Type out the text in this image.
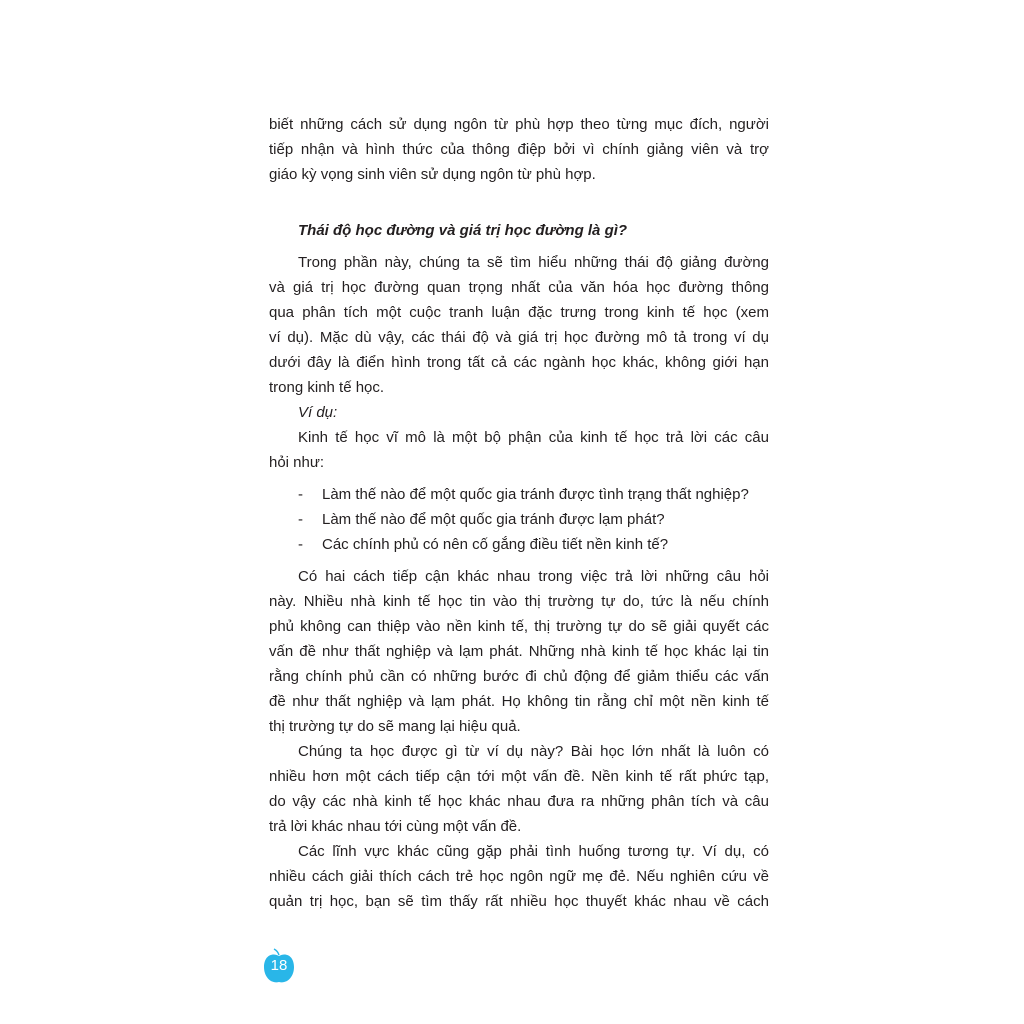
biết những cách sử dụng ngôn từ phù hợp theo từng mục đích, người
tiếp nhận và hình thức của thông điệp bởi vì chính giảng viên và trợ
giáo kỳ vọng sinh viên sử dụng ngôn từ phù hợp.
Thái độ học đường và giá trị học đường là gì?
Trong phần này, chúng ta sẽ tìm hiểu những thái độ giảng đường
và giá trị học đường quan trọng nhất của văn hóa học đường thông
qua phân tích một cuộc tranh luận đặc trưng trong kinh tế học (xem
ví dụ). Mặc dù vậy, các thái độ và giá trị học đường mô tả trong ví dụ
dưới đây là điển hình trong tất cả các ngành học khác, không giới hạn
trong kinh tế học.
Ví dụ:
Kinh tế học vĩ mô là một bộ phận của kinh tế học trả lời các câu
hỏi như:
-	Làm thế nào để một quốc gia tránh được tình trạng thất nghiệp?
-	Làm thế nào để một quốc gia tránh được lạm phát?
-	Các chính phủ có nên cố gắng điều tiết nền kinh tế?
Có hai cách tiếp cận khác nhau trong việc trả lời những câu hỏi
này. Nhiều nhà kinh tế học tin vào thị trường tự do, tức là nếu chính
phủ không can thiệp vào nền kinh tế, thị trường tự do sẽ giải quyết các
vấn đề như thất nghiệp và lạm phát. Những nhà kinh tế học khác lại tin
rằng chính phủ cần có những bước đi chủ động để giảm thiểu các vấn
đề như thất nghiệp và lạm phát. Họ không tin rằng chỉ một nền kinh tế
thị trường tự do sẽ mang lại hiệu quả.
Chúng ta học được gì từ ví dụ này? Bài học lớn nhất là luôn có
nhiều hơn một cách tiếp cận tới một vấn đề. Nền kinh tế rất phức tạp,
do vậy các nhà kinh tế học khác nhau đưa ra những phân tích và câu
trả lời khác nhau tới cùng một vấn đề.
Các lĩnh vực khác cũng gặp phải tình huống tương tự. Ví dụ, có
nhiều cách giải thích cách trẻ học ngôn ngữ mẹ đẻ. Nếu nghiên cứu về
quản trị học, bạn sẽ tìm thấy rất nhiều học thuyết khác nhau về cách
18
